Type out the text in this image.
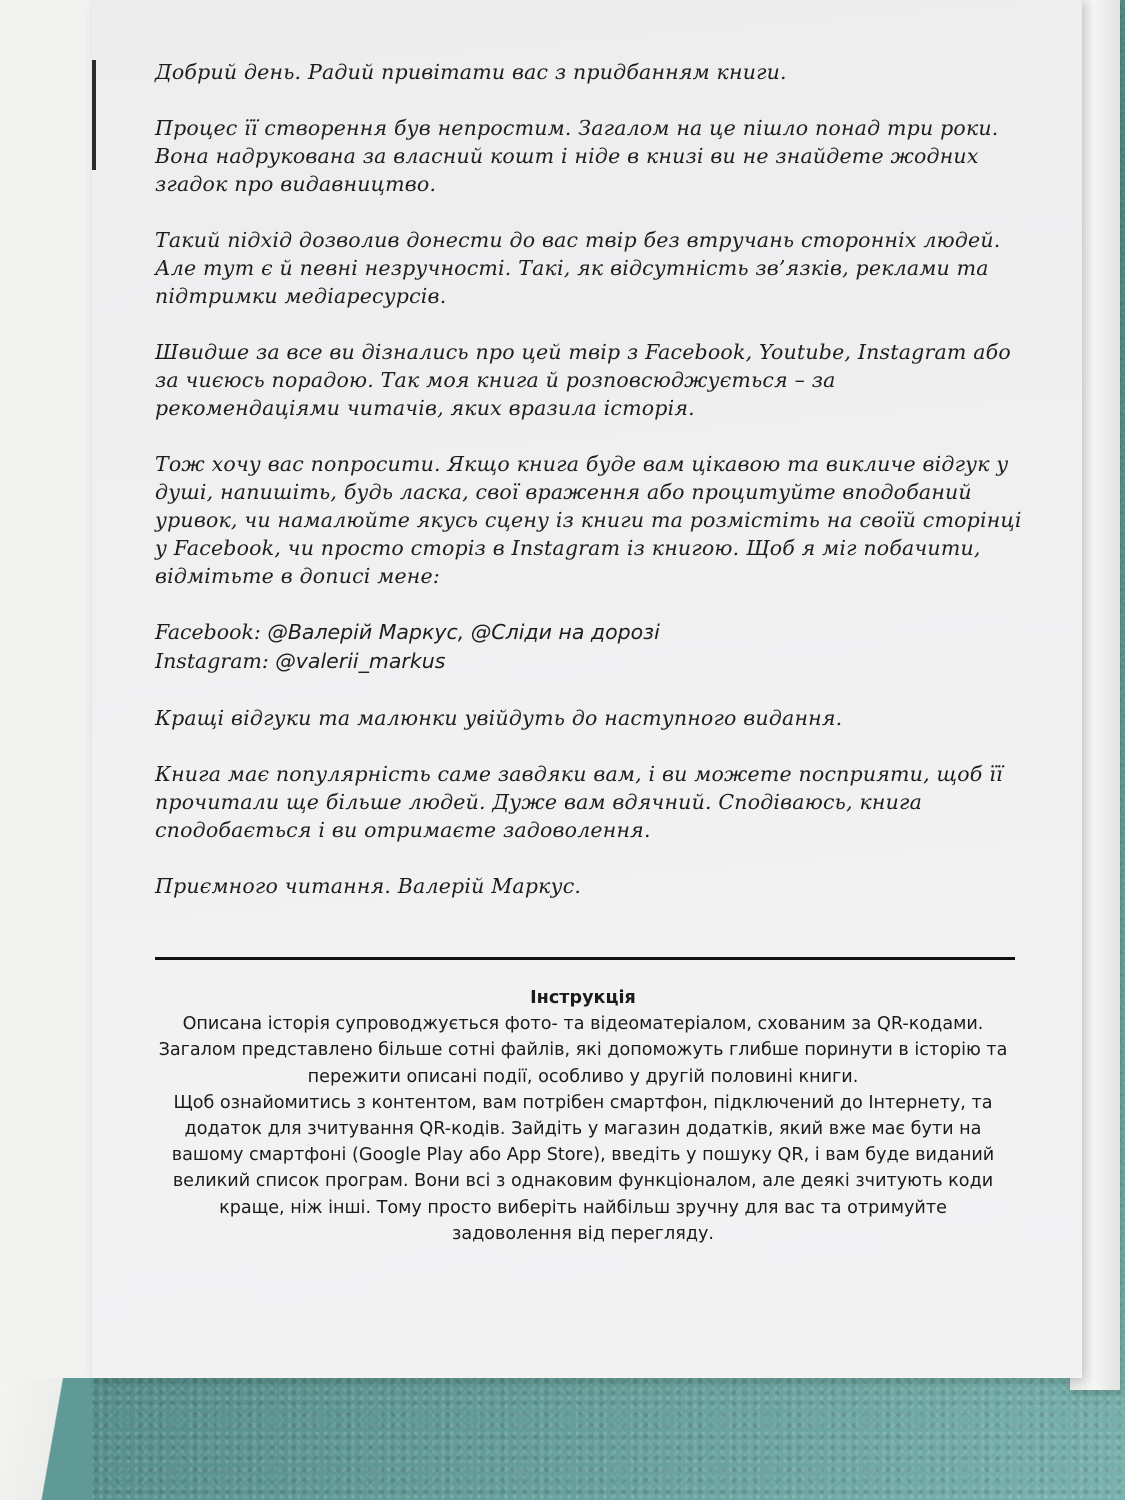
Добрий день. Радий привітати вас з придбанням книги.

Процес її створення був непростим. Загалом на це пішло понад три роки. Вона надрукована за власний кошт і ніде в книзі ви не знайдете жодних згадок про видавництво.

Такий підхід дозволив донести до вас твір без втручань сторонніх людей. Але тут є й певні незручності. Такі, як відсутність зв’язків, реклами та підтримки медіаресурсів.

Швидше за все ви дізнались про цей твір з Facebook, Youtube, Instagram або за чиєюсь порадою. Так моя книга й розповсюджується – за рекомендаціями читачів, яких вразила історія.

Тож хочу вас попросити. Якщо книга буде вам цікавою та викличе відгук у душі, напишіть, будь ласка, свої враження або процитуйте вподобаний уривок, чи намалюйте якусь сцену із книги та розмістіть на своїй сторінці у Facebook, чи просто сторіз в Instagram із книгою. Щоб я міг побачити, відмітьте в дописі мене:

Facebook: @Валерій Маркус, @Сліди на дорозі
Instagram: @valerii_markus

Кращі відгуки та малюнки увійдуть до наступного видання.

Книга має популярність саме завдяки вам, і ви можете посприяти, щоб її прочитали ще більше людей. Дуже вам вдячний. Сподіваюсь, книга сподобається і ви отримаєте задоволення.

Приємного читання. Валерій Маркус.

Інструкція

Описана історія супроводжується фото- та відеоматеріалом, схованим за QR-кодами. Загалом представлено більше сотні файлів, які допоможуть глибше поринути в історію та пережити описані події, особливо у другій половині книги.

Щоб ознайомитись з контентом, вам потрібен смартфон, підключений до Інтернету, та додаток для зчитування QR-кодів. Зайдіть у магазин додатків, який вже має бути на вашому смартфоні (Google Play або App Store), введіть у пошуку QR, і вам буде виданий великий список програм. Вони всі з однаковим функціоналом, але деякі зчитують коди краще, ніж інші. Тому просто виберіть найбільш зручну для вас та отримуйте задоволення від перегляду.
